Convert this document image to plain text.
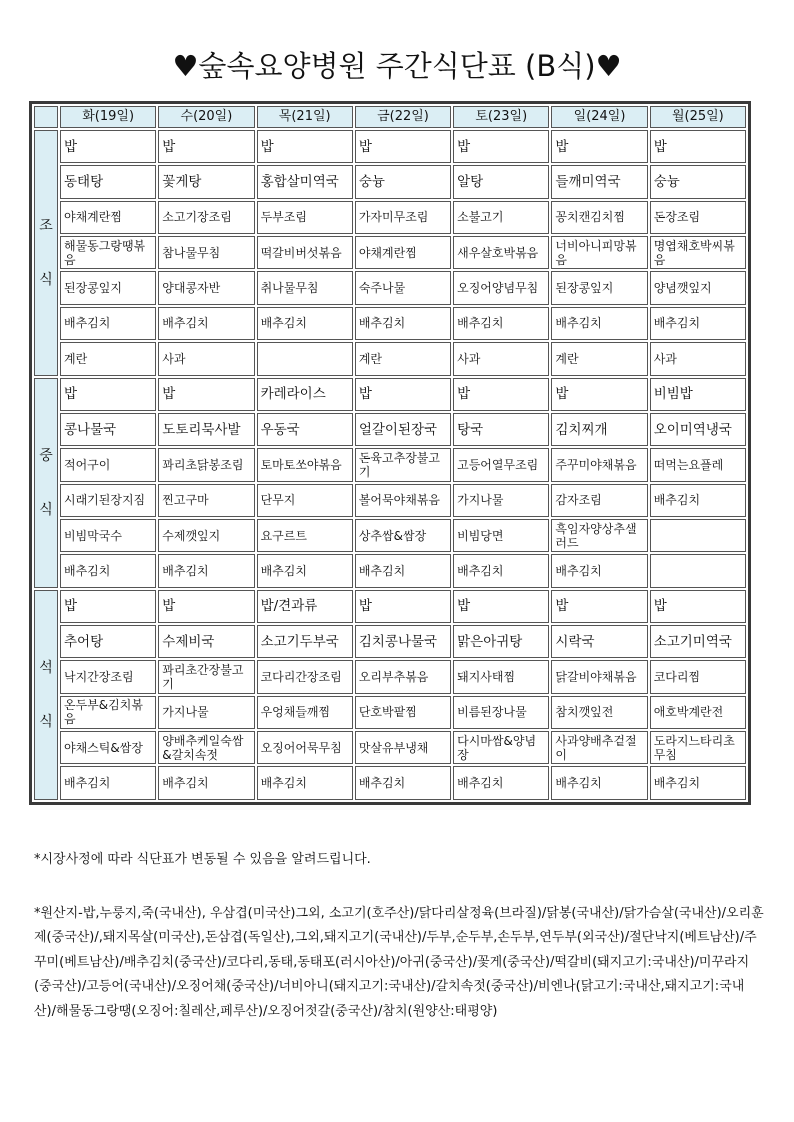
♥숲속요양병원 주간식단표 (B식)♥
	화(19일)	수(20일)	목(21일)	금(22일)	토(23일)	일(24일)	월(25일)

조
식	밥	밥	밥	밥	밥	밥	밥
	동태탕	꽃게탕	홍합살미역국	숭늉	알탕	들깨미역국	숭늉
	야채계란찜	소고기장조림	두부조림	가자미무조림	소불고기	꽁치캔김치찜	돈장조림
	해물동그랑땡볶음	참나물무침	떡갈비버섯볶음	야채계란찜	새우살호박볶음	너비아니피망볶음	명엽채호박씨볶음
	된장콩잎지	양대콩자반	취나물무침	숙주나물	오징어양념무침	된장콩잎지	양념깻잎지
	배추김치	배추김치	배추김치	배추김치	배추김치	배추김치	배추김치
	계란	사과		계란	사과	계란	사과

중
식	밥	밥	카레라이스	밥	밥	밥	비빔밥
	콩나물국	도토리묵사발	우동국	얼갈이된장국	탕국	김치찌개	오이미역냉국
	적어구이	꽈리초닭봉조림	토마토쏘야볶음	돈육고추장불고기	고등어열무조림	주꾸미야채볶음	떠먹는요플레
	시래기된장지짐	찐고구마	단무지	볼어묵야채볶음	가지나물	감자조림	배추김치
	비빔막국수	수제깻잎지	요구르트	상추쌈&쌈장	비빔당면	흑임자양상추샐러드	
	배추김치	배추김치	배추김치	배추김치	배추김치	배추김치	

석
식	밥	밥	밥/견과류	밥	밥	밥	밥
	추어탕	수제비국	소고기두부국	김치콩나물국	맑은아귀탕	시락국	소고기미역국
	낙지간장조림	꽈리초간장불고기	코다리간장조림	오리부추볶음	돼지사태찜	닭갈비야채볶음	코다리찜
	온두부&김치볶음	가지나물	우엉채들깨찜	단호박팥찜	비름된장나물	참치깻잎전	애호박계란전
	야채스틱&쌈장	양배추케일숙쌈&갈치속젓	오징어어묵무침	맛살유부냉채	다시마쌈&양념장	사과양배추겉절이	도라지느타리초무침
	배추김치	배추김치	배추김치	배추김치	배추김치	배추김치	배추김치

*시장사정에 따라 식단표가 변동될 수 있음을 알려드립니다.

*원산지-밥,누룽지,죽(국내산), 우삼겹(미국산)그외, 소고기(호주산)/닭다리살정육(브라질)/닭봉(국내산)/닭가슴살(국내산)/오리훈제(중국산)/,돼지목살(미국산),돈삼겹(독일산),그외,돼지고기(국내산)/두부,순두부,손두부,연두부(외국산)/절단낙지(베트남산)/주꾸미(베트남산)/배추김치(중국산)/코다리,동태,동태포(러시아산)/아귀(중국산)/꽃게(중국산)/떡갈비(돼지고기:국내산)/미꾸라지(중국산)/고등어(국내산)/오징어채(중국산)/너비아니(돼지고기:국내산)/갈치속젓(중국산)/비엔나(닭고기:국내산,돼지고기:국내산)/해물동그랑땡(오징어:칠레산,페루산)/오징어젓갈(중국산)/참치(원양산:태평양)
